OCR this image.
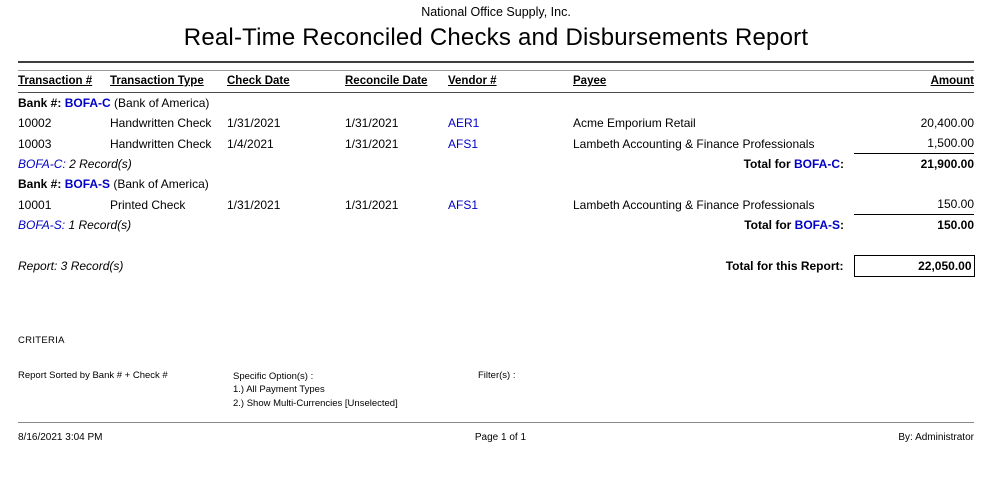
National Office Supply, Inc.
Real-Time Reconciled Checks and Disbursements Report
Transaction #	Transaction Type	Check Date	Reconcile Date	Vendor #	Payee	Amount
Bank #: BOFA-C (Bank of America)						
10002	Handwritten Check	1/31/2021	1/31/2021	AER1	Acme Emporium Retail	20,400.00
10003	Handwritten Check	1/4/2021	1/31/2021	AFS1	Lambeth Accounting & Finance Professionals	1,500.00

BOFA-C: 2 Record(s) Total for BOFA-C:						21,900.00
Bank #: BOFA-S (Bank of America)						
10001	Printed Check	1/31/2021	1/31/2021	AFS1	Lambeth Accounting & Finance Professionals	150.00

BOFA-S: 1 Record(s) Total for BOFA-S:						150.00

Report: 3 Record(s) Total for this Report:						22,050.00
CRITERIA
Report Sorted by Bank # + Check #	Specific Option(s) :
1.) All Payment Types
2.) Show Multi-Currencies [Unselected]
Filter(s) :
8/16/2021 3:04 PM	Page 1 of 1	By: Administrator
